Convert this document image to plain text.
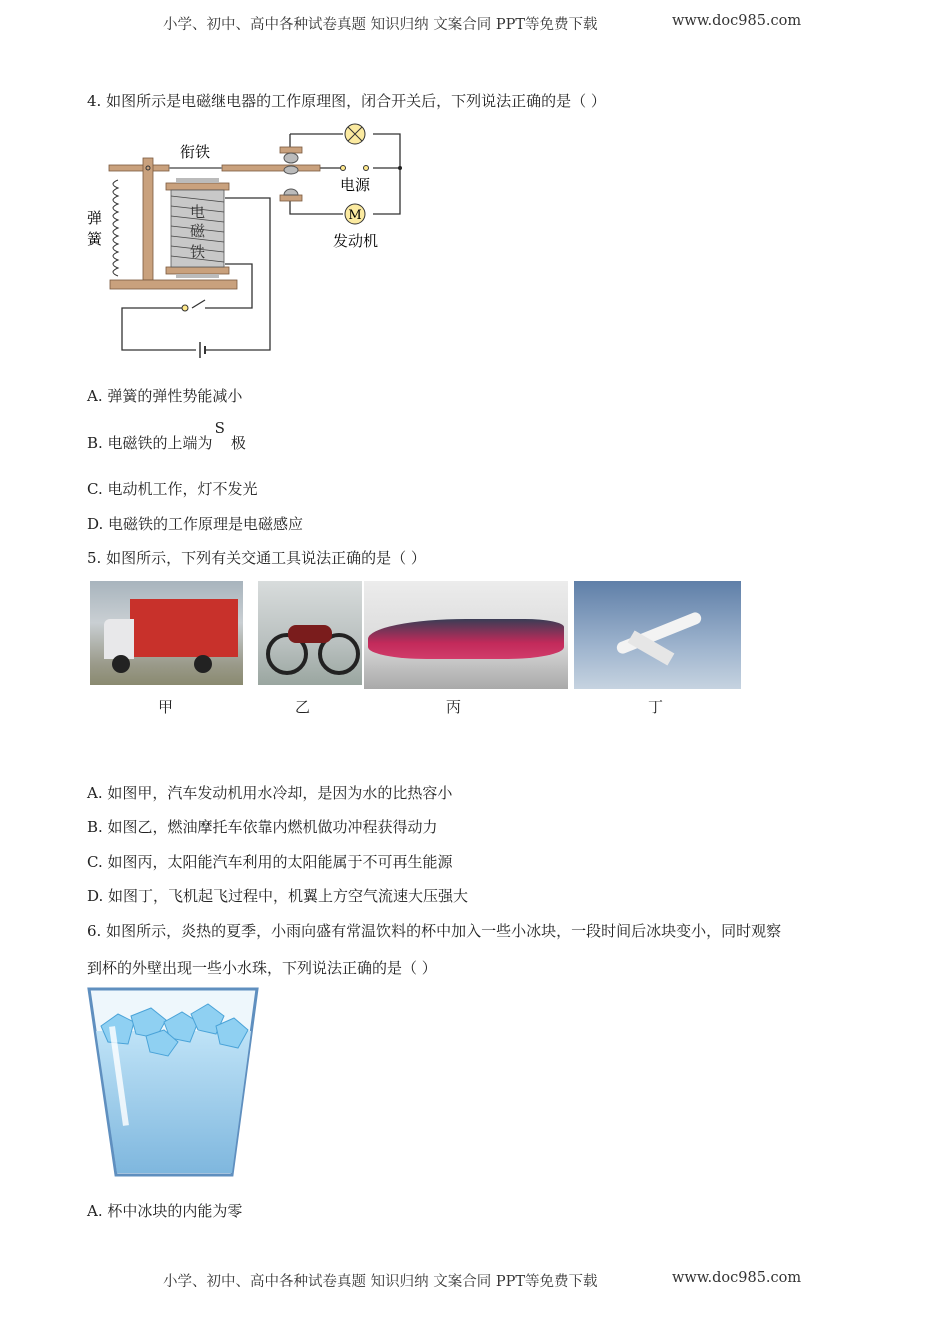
小学、初中、高中各种试卷真题 知识归纳 文案合同 PPT等免费下载	www.doc985.com
4. 如图所示是电磁继电器的工作原理图，闭合开关后，下列说法正确的是（ ）
M
衔铁
弹
簧
电
磁
铁
电源
发动机
A. 弹簧的弹性势能减小
B. 电磁铁的上端为S极
C. 电动机工作，灯不发光
D. 电磁铁的工作原理是电磁感应
5. 如图所示，下列有关交通工具说法正确的是（ ）
甲	乙	丙	丁
A. 如图甲，汽车发动机用水冷却，是因为水的比热容小
B. 如图乙，燃油摩托车依靠内燃机做功冲程获得动力
C. 如图丙，太阳能汽车利用的太阳能属于不可再生能源
D. 如图丁，飞机起飞过程中，机翼上方空气流速大压强大
6. 如图所示，炎热的夏季，小雨向盛有常温饮料的杯中加入一些小冰块，一段时间后冰块变小，同时观察
到杯的外壁出现一些小水珠，下列说法正确的是（ ）
A. 杯中冰块的内能为零
小学、初中、高中各种试卷真题 知识归纳 文案合同 PPT等免费下载	www.doc985.com
